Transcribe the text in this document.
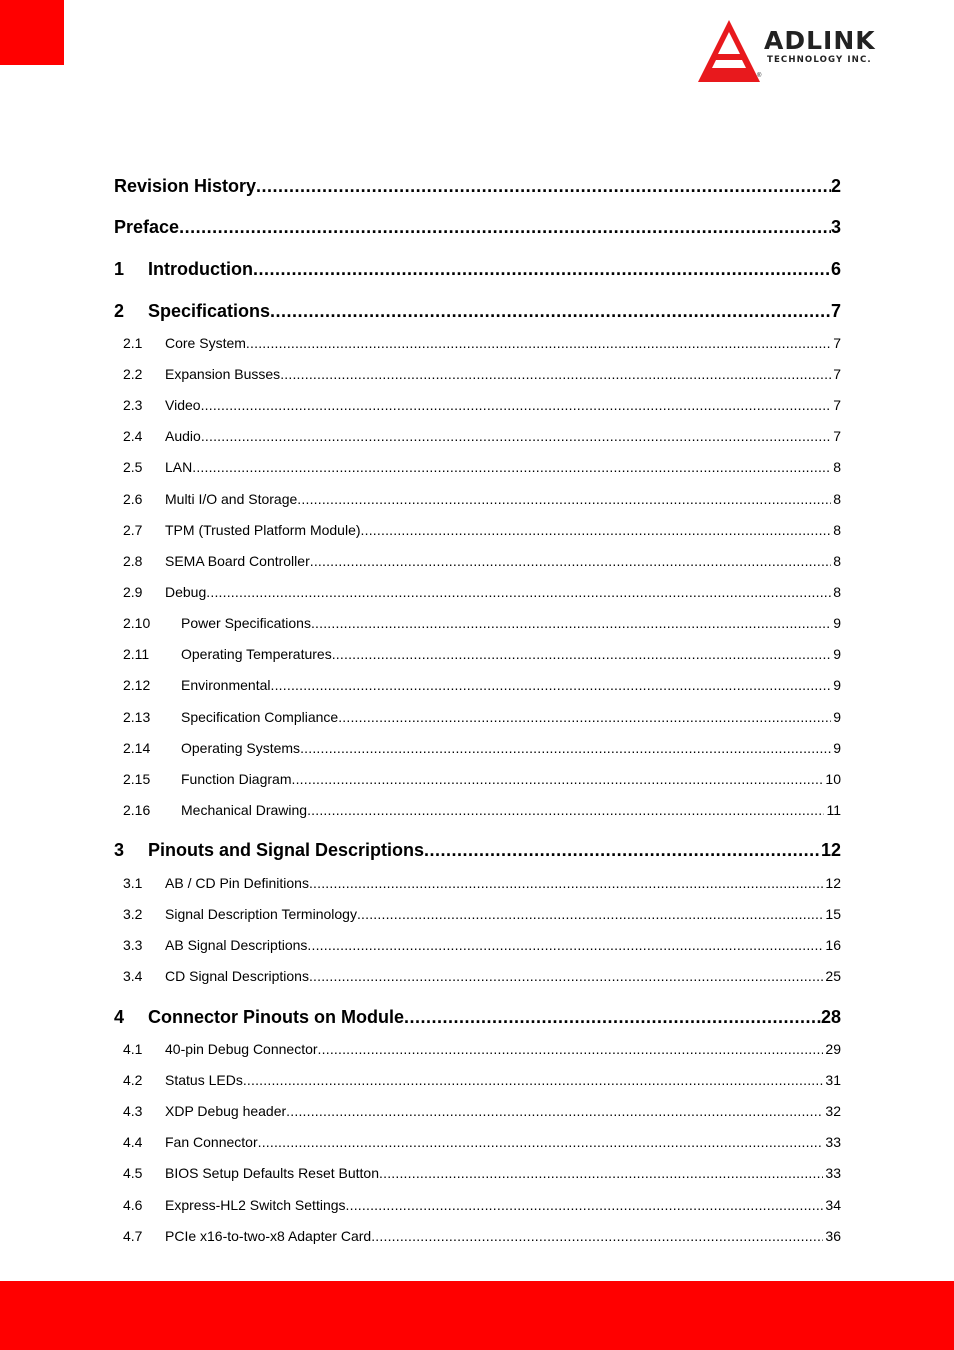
ADLINK
TECHNOLOGY INC.
®
Revision History .....	2
Preface .....	3
1	Introduction .....	6
2	Specifications .....	7
2.1	Core System .....	7
2.2	Expansion Busses .....	7
2.3	Video .....	7
2.4	Audio .....	7
2.5	LAN .....	8
2.6	Multi I/O and Storage .....	8
2.7	TPM (Trusted Platform Module) .....	8
2.8	SEMA Board Controller .....	8
2.9	Debug .....	8
2.10	Power Specifications .....	9
2.11	Operating Temperatures .....	9
2.12	Environmental .....	9
2.13	Specification Compliance .....	9
2.14	Operating Systems .....	9
2.15	Function Diagram .....	10
2.16	Mechanical Drawing .....	11
3	Pinouts and Signal Descriptions .....	12
3.1	AB / CD Pin Definitions .....	12
3.2	Signal Description Terminology .....	15
3.3	AB Signal Descriptions .....	16
3.4	CD Signal Descriptions .....	25
4	Connector Pinouts on Module .....	28
4.1	40-pin Debug Connector .....	29
4.2	Status LEDs .....	31
4.3	XDP Debug header .....	32
4.4	Fan Connector .....	33
4.5	BIOS Setup Defaults Reset Button .....	33
4.6	Express-HL2 Switch Settings .....	34
4.7	PCIe x16-to-two-x8 Adapter Card .....	36
